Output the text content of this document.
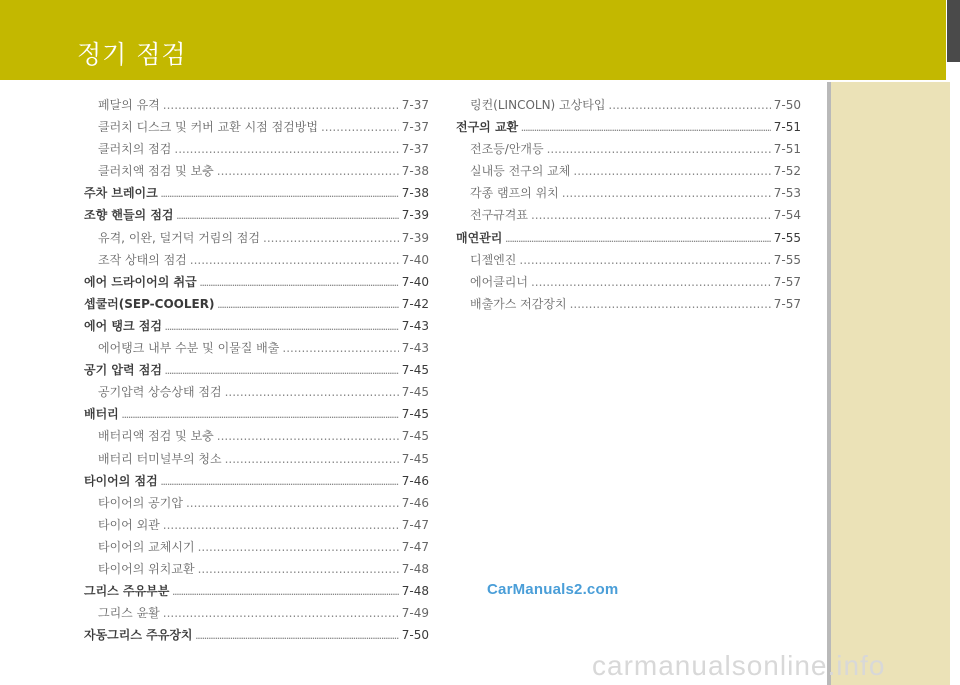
정기 점검
페달의 유격 .....	7-37
클러치 디스크 및 커버 교환 시점 점검방법 .....	7-37
클러치의 점검 .....	7-37
클러치액 점검 및 보충 .....	7-38
주차 브레이크 .....	7-38
조향 핸들의 점검 .....	7-39
유격, 이완, 덜거덕 거림의 점검 .....	7-39
조작 상태의 점검 .....	7-40
에어 드라이어의 취급 .....	7-40
셉쿨러(SEP-COOLER) .....	7-42
에어 탱크 점검 .....	7-43
에어탱크 내부 수분 및 이물질 배출 .....	7-43
공기 압력 점검 .....	7-45
공기압력 상승상태 점검 .....	7-45
배터리 .....	7-45
배터리액 점검 및 보충 .....	7-45
배터리 터미널부의 청소 .....	7-45
타이어의 점검 .....	7-46
타이어의 공기압 .....	7-46
타이어 외관 .....	7-47
타이어의 교체시기 .....	7-47
타이어의 위치교환 .....	7-48
그리스 주유부분 .....	7-48
그리스 윤활 .....	7-49
자동그리스 주유장치 .....	7-50
링컨(LINCOLN) 고상타입 .....	7-50
전구의 교환 .....	7-51
전조등/안개등 .....	7-51
실내등 전구의 교체 .....	7-52
각종 램프의 위치 .....	7-53
전구규격표 .....	7-54
매연관리 .....	7-55
디젤엔진 .....	7-55
에어클리너 .....	7-57
배출가스 저감장치 .....	7-57
CarManuals2.com
carmanualsonline.info
